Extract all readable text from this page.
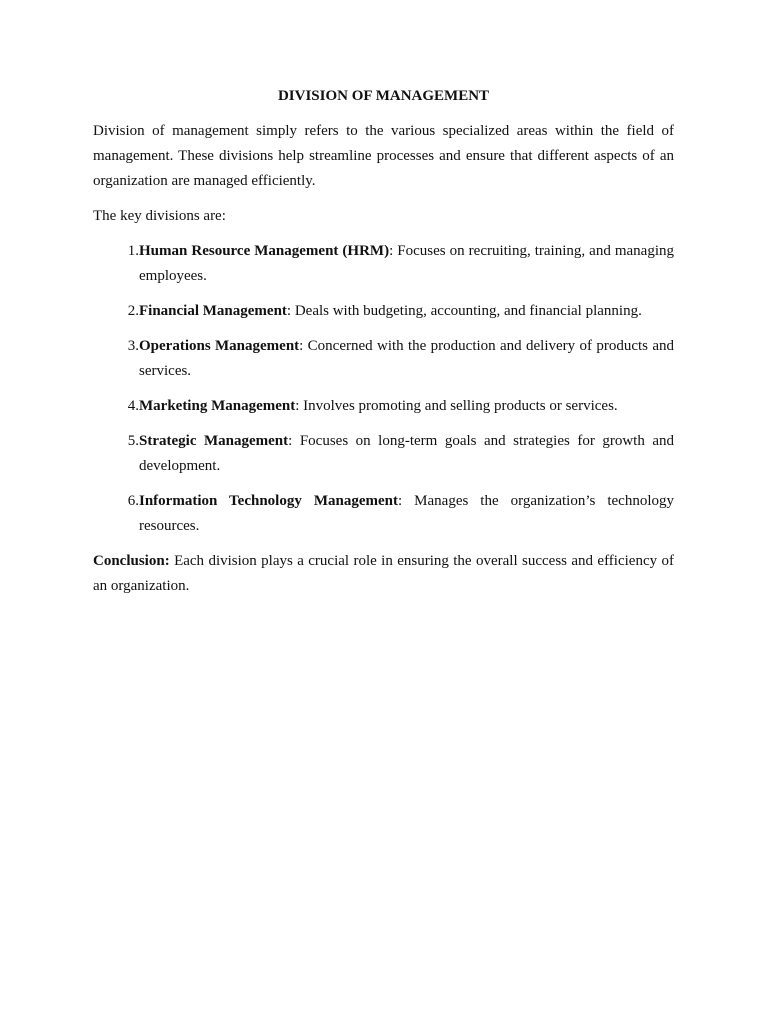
DIVISION OF MANAGEMENT

Division of management simply refers to the various specialized areas within the field of management. These divisions help streamline processes and ensure that different aspects of an organization are managed efficiently.

The key divisions are:

1. Human Resource Management (HRM): Focuses on recruiting, training, and managing employees.
2. Financial Management: Deals with budgeting, accounting, and financial planning.
3. Operations Management: Concerned with the production and delivery of products and services.
4. Marketing Management: Involves promoting and selling products or services.
5. Strategic Management: Focuses on long-term goals and strategies for growth and development.
6. Information Technology Management: Manages the organization’s technology resources.

Conclusion: Each division plays a crucial role in ensuring the overall success and efficiency of an organization.
